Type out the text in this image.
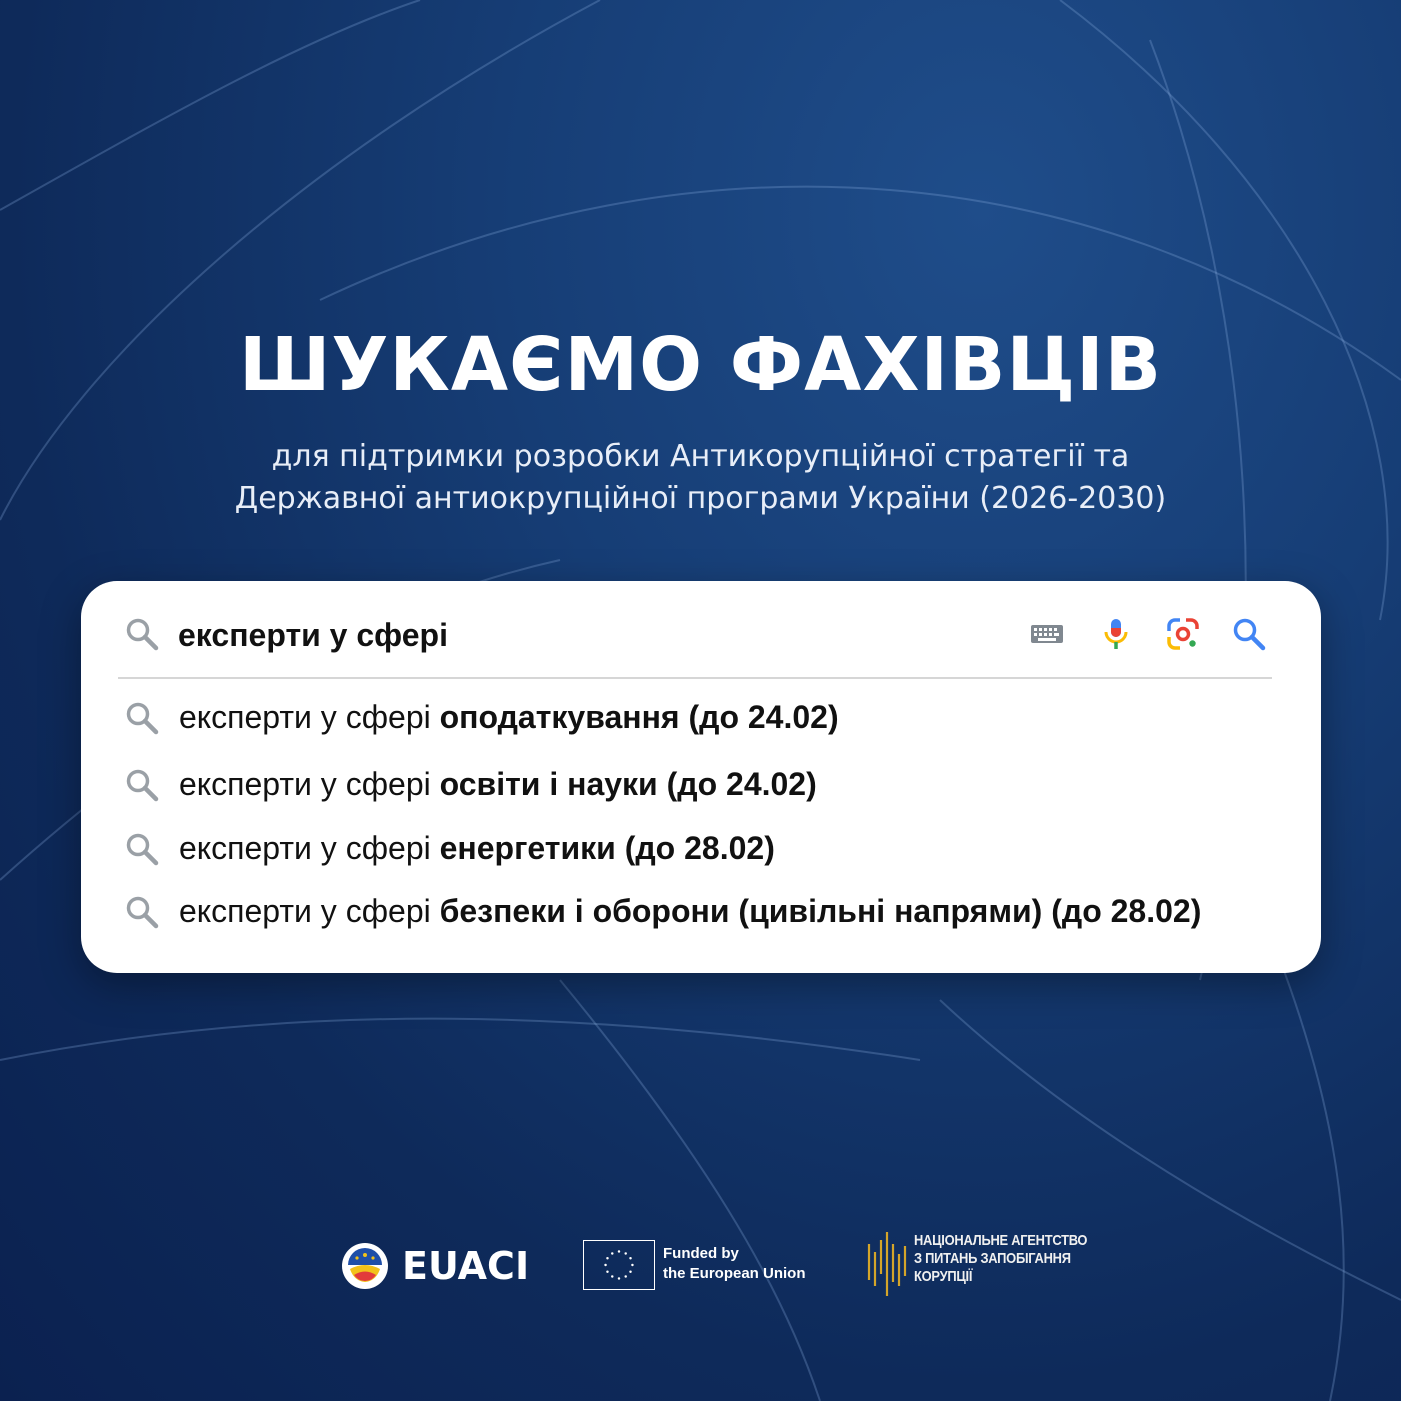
ШУКАЄМО ФАХІВЦІВ
для підтримки розробки Антикорупційної стратегії та
Державної антиокрупційної програми України (2026-2030)
експерти у сфері
експерти у сфері оподаткування (до 24.02)
експерти у сфері освіти і науки (до 24.02)
експерти у сфері енергетики (до 28.02)
експерти у сфері безпеки і оборони (цивільні напрями) (до 28.02)
EUACI	Funded by
the European Union
НАЦІОНАЛЬНЕ АГЕНТСТВО
З ПИТАНЬ ЗАПОБІГАННЯ
КОРУПЦІЇ
